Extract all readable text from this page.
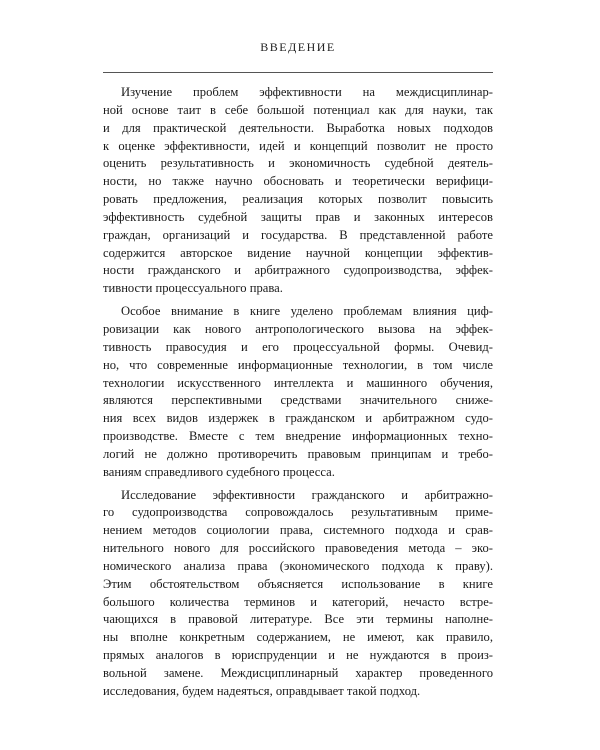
ВВЕДЕНИЕ
Изучение проблем эффективности на междисциплинар-
ной основе таит в себе большой потенциал как для науки, так
и для практической деятельности. Выработка новых подходов
к оценке эффективности, идей и концепций позволит не просто
оценить результативность и экономичность судебной деятель-
ности, но также научно обосновать и теоретически верифици-
ровать предложения, реализация которых позволит повысить
эффективность судебной защиты прав и законных интересов
граждан, организаций и государства. В представленной работе
содержится авторское видение научной концепции эффектив-
ности гражданского и арбитражного судопроизводства, эффек-
тивности процессуального права.
Особое внимание в книге уделено проблемам влияния циф-
ровизации как нового антропологического вызова на эффек-
тивность правосудия и его процессуальной формы. Очевид-
но, что современные информационные технологии, в том числе
технологии искусственного интеллекта и машинного обучения,
являются перспективными средствами значительного сниже-
ния всех видов издержек в гражданском и арбитражном судо-
производстве. Вместе с тем внедрение информационных техно-
логий не должно противоречить правовым принципам и требо-
ваниям справедливого судебного процесса.
Исследование эффективности гражданского и арбитражно-
го судопроизводства сопровождалось результативным приме-
нением методов социологии права, системного подхода и срав-
нительного нового для российского правоведения метода – эко-
номического анализа права (экономического подхода к праву).
Этим обстоятельством объясняется использование в книге
большого количества терминов и категорий, нечасто встре-
чающихся в правовой литературе. Все эти термины наполне-
ны вполне конкретным содержанием, не имеют, как правило,
прямых аналогов в юриспруденции и не нуждаются в произ-
вольной замене. Междисциплинарный характер проведенного
исследования, будем надеяться, оправдывает такой подход.
